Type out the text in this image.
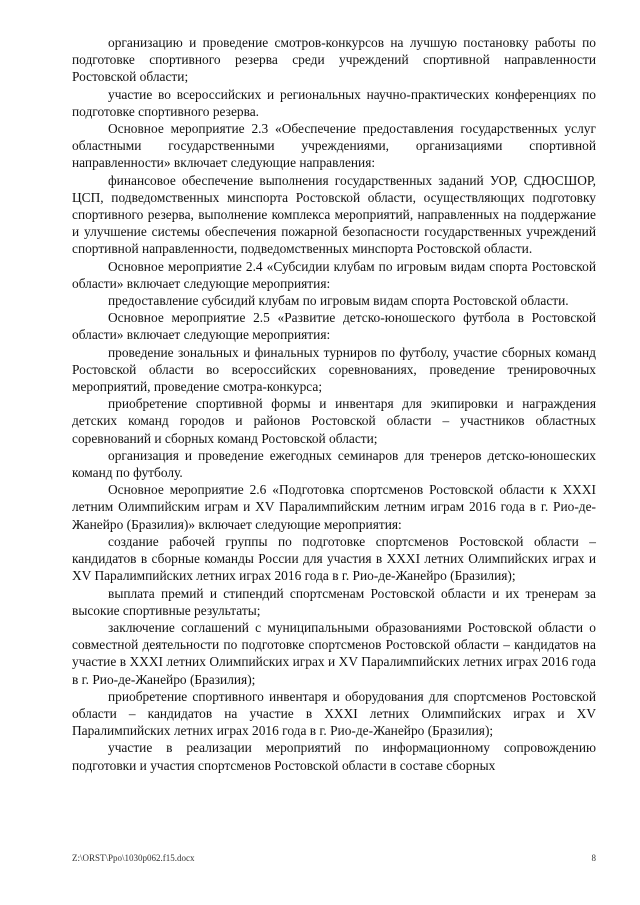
организацию и проведение смотров-конкурсов на лучшую постановку работы по подготовке спортивного резерва среди учреждений спортивной направленности Ростовской области;

участие во всероссийских и региональных научно-практических конференциях по подготовке спортивного резерва.

Основное мероприятие 2.3 «Обеспечение предоставления государственных услуг областными государственными учреждениями, организациями спортивной направленности» включает следующие направления:

финансовое обеспечение выполнения государственных заданий УОР, СДЮСШОР, ЦСП, подведомственных минспорта Ростовской области, осуществляющих подготовку спортивного резерва, выполнение комплекса мероприятий, направленных на поддержание и улучшение системы обеспечения пожарной безопасности государственных учреждений спортивной направленности, подведомственных минспорта Ростовской области.

Основное мероприятие 2.4 «Субсидии клубам по игровым видам спорта Ростовской области» включает следующие мероприятия:

предоставление субсидий клубам по игровым видам спорта Ростовской области.

Основное мероприятие 2.5 «Развитие детско-юношеского футбола в Ростовской области» включает следующие мероприятия:

проведение зональных и финальных турниров по футболу, участие сборных команд Ростовской области во всероссийских соревнованиях, проведение тренировочных мероприятий, проведение смотра-конкурса;

приобретение спортивной формы и инвентаря для экипировки и награждения детских команд городов и районов Ростовской области – участников областных соревнований и сборных команд Ростовской области;

организация и проведение ежегодных семинаров для тренеров детско-юношеских команд по футболу.

Основное мероприятие 2.6 «Подготовка спортсменов Ростовской области к XXXI летним Олимпийским играм и XV Паралимпийским летним играм 2016 года в г. Рио-де-Жанейро (Бразилия)» включает следующие мероприятия:

создание рабочей группы по подготовке спортсменов Ростовской области – кандидатов в сборные команды России для участия в XXXI летних Олимпийских играх и XV Паралимпийских летних играх 2016 года в г. Рио-де-Жанейро (Бразилия);

выплата премий и стипендий спортсменам Ростовской области и их тренерам за высокие спортивные результаты;

заключение соглашений с муниципальными образованиями Ростовской области о совместной деятельности по подготовке спортсменов Ростовской области – кандидатов на участие в XXXI летних Олимпийских играх и XV Паралимпийских летних играх 2016 года в г. Рио-де-Жанейро (Бразилия);

приобретение спортивного инвентаря и оборудования для спортсменов Ростовской области – кандидатов на участие в XXXI летних Олимпийских играх и XV Паралимпийских летних играх 2016 года в г. Рио-де-Жанейро (Бразилия);

участие в реализации мероприятий по информационному сопровождению подготовки и участия спортсменов Ростовской области в составе сборных

Z:\ORST\Ppo\1030p062.f15.docx	8
